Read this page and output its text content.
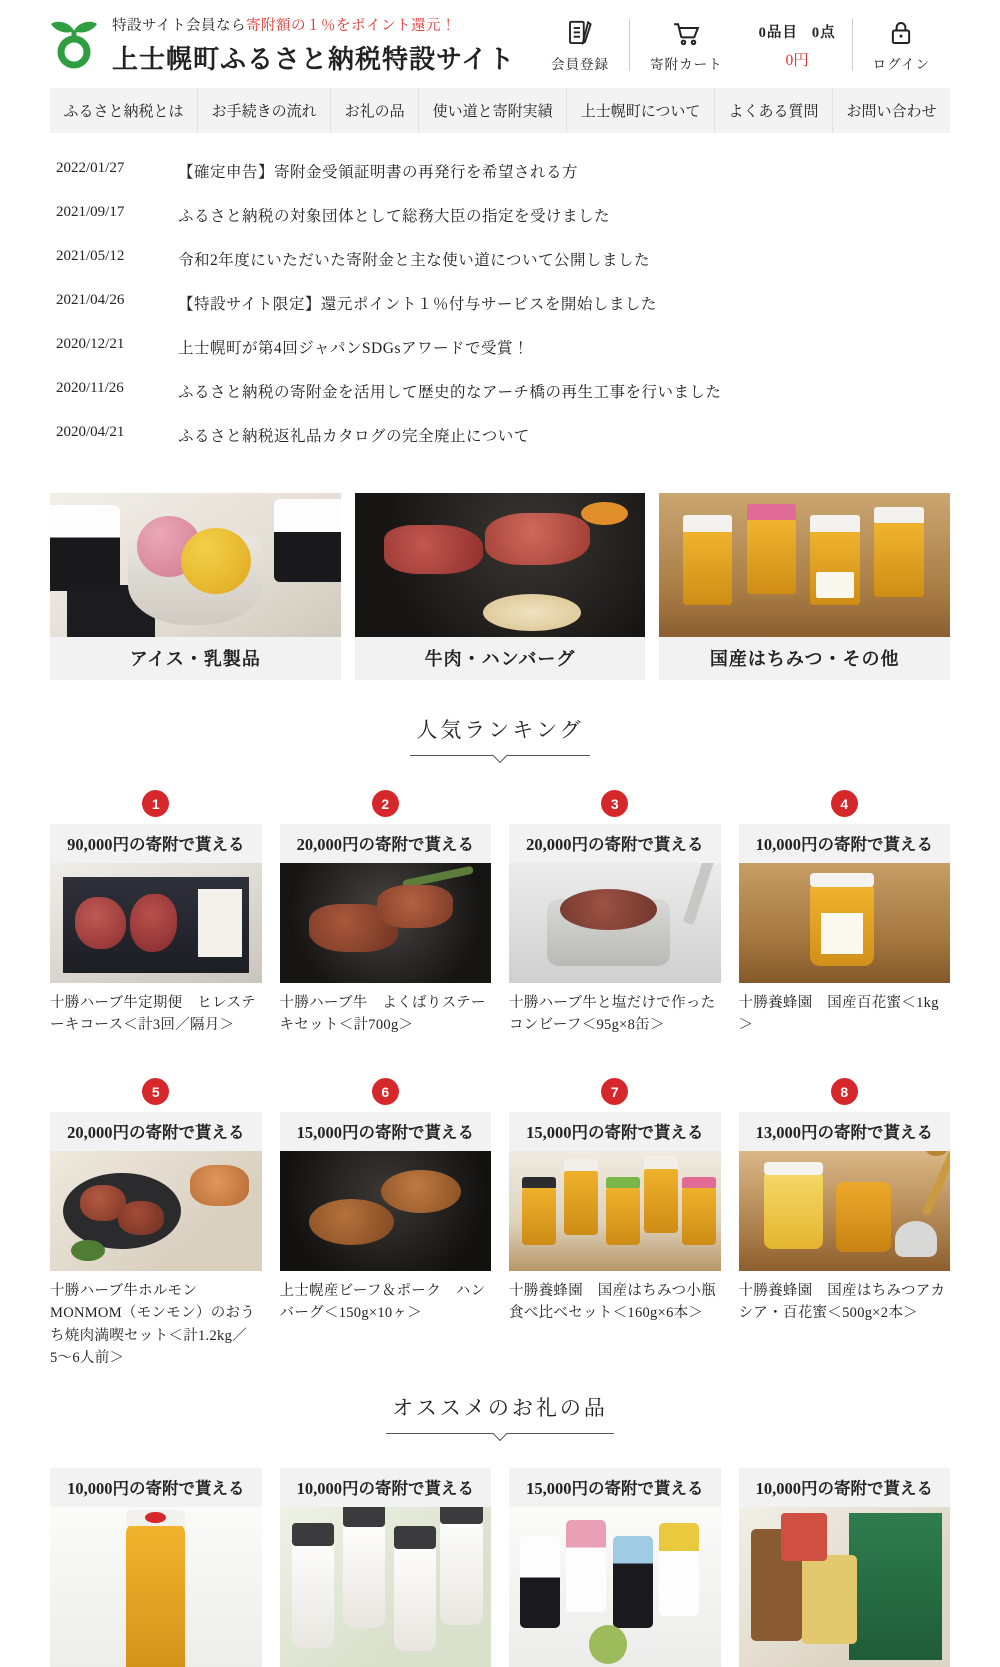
特設サイト会員なら寄附額の１％をポイント還元！
上士幌町ふるさと納税特設サイト	会員登録	寄附カート
0品目 0点
0円	ログイン
ふるさと納税とは	お手続きの流れ	お礼の品	使い道と寄附実績	上士幌町について	よくある質問	お問い合わせ
2022/01/27	【確定申告】寄附金受領証明書の再発行を希望される方
2021/09/17	ふるさと納税の対象団体として総務大臣の指定を受けました
2021/05/12	令和2年度にいただいた寄附金と主な使い道について公開しました
2021/04/26	【特設サイト限定】還元ポイント１％付与サービスを開始しました
2020/12/21	上士幌町が第4回ジャパンSDGsアワードで受賞！
2020/11/26	ふるさと納税の寄附金を活用して歴史的なアーチ橋の再生工事を行いました
2020/04/21	ふるさと納税返礼品カタログの完全廃止について
アイス・乳製品	牛肉・ハンバーグ	国産はちみつ・その他
人気ランキング
1
90,000円の寄附で貰える
十勝ハーブ牛定期便　ヒレステーキコース＜計3回／隔月＞
2
20,000円の寄附で貰える
十勝ハーブ牛　よくばりステーキセット＜計700g＞
3
20,000円の寄附で貰える
十勝ハーブ牛と塩だけで作ったコンビーフ＜95g×8缶＞
4
10,000円の寄附で貰える
十勝養蜂園　国産百花蜜＜1kg＞
5
20,000円の寄附で貰える
十勝ハーブ牛ホルモンMONMOM（モンモン）のおうち焼肉満喫セット＜計1.2kg／5〜6人前＞
6
15,000円の寄附で貰える
上士幌産ビーフ＆ポーク　ハンバーグ＜150g×10ヶ＞
7
15,000円の寄附で貰える
十勝養蜂園　国産はちみつ小瓶食べ比べセット＜160g×6本＞
8
13,000円の寄附で貰える
十勝養蜂園　国産はちみつアカシア・百花蜜＜500g×2本＞
オススメのお礼の品
10,000円の寄附で貰える	10,000円の寄附で貰える	15,000円の寄附で貰える	10,000円の寄附で貰える
